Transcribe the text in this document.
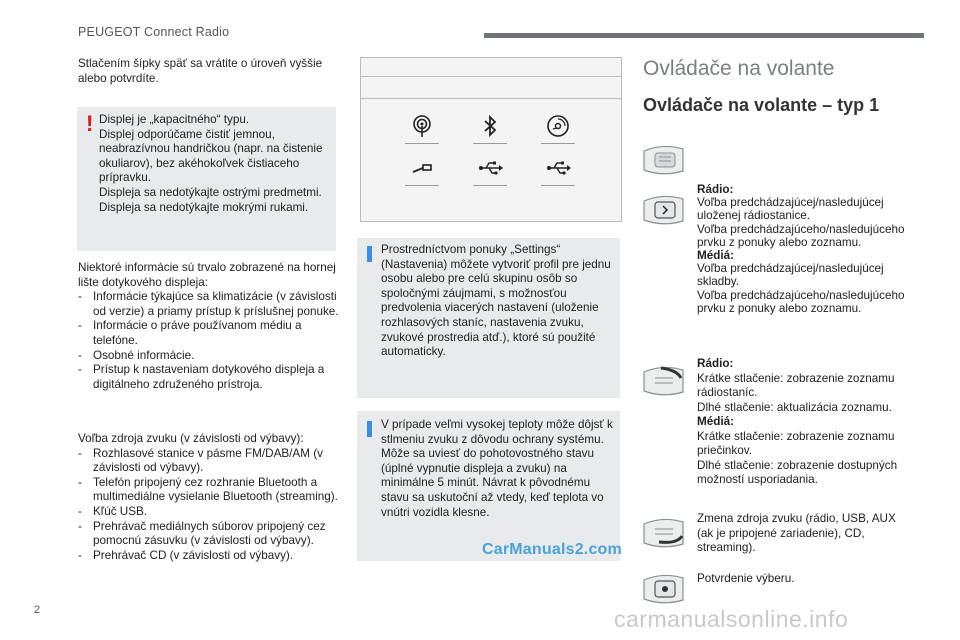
PEUGEOT Connect Radio

Stlačením šípky späť sa vrátite o úroveň vyššie alebo potvrdíte.

! Displej je „kapacitného“ typu.
Displej odporúčame čistiť jemnou, neabrazívnou handričkou (napr. na čistenie okuliarov), bez akéhokoľvek čistiaceho prípravku.
Displeja sa nedotýkajte ostrými predmetmi.
Displeja sa nedotýkajte mokrými rukami.

Niektoré informácie sú trvalo zobrazené na hornej lište dotykového displeja:

- Informácie týkajúce sa klimatizácie (v závislosti od verzie) a priamy prístup k príslušnej ponuke.
- Informácie o práve používanom médiu a telefóne.
- Osobné informácie.
- Prístup k nastaveniam dotykového displeja a digitálneho združeného prístroja.

Voľba zdroja zvuku (v závislosti od výbavy):

- Rozhlasové stanice v pásme FM/DAB/AM (v závislosti od výbavy).
- Telefón pripojený cez rozhranie Bluetooth a multimediálne vysielanie Bluetooth (streaming).
- Kľúč USB.
- Prehrávač mediálnych súborov pripojený cez pomocnú zásuvku (v závislosti od výbavy).
- Prehrávač CD (v závislosti od výbavy).
Prostredníctvom ponuky „Settings“ (Nastavenia) môžete vytvoriť profil pre jednu osobu alebo pre celú skupinu osôb so spoločnými záujmami, s možnosťou predvolenia viacerých nastavení (uloženie rozhlasových staníc, nastavenia zvuku, zvukové prostredia atď.), ktoré sú použité automaticky.
V prípade veľmi vysokej teploty môže dôjsť k stlmeniu zvuku z dôvodu ochrany systému. Môže sa uviesť do pohotovostného stavu (úplné vypnutie displeja a zvuku) na minimálne 5 minút. Návrat k pôvodnému stavu sa uskutoční až vtedy, keď teplota vo vnútri vozidla klesne.
CarManuals2.com
Ovládače na volante
Ovládače na volante – typ 1

Rádio:

Voľba predchádzajúcej/nasledujúcej uloženej rádiostanice.
Voľba predchádzajúceho/nasledujúceho prvku z ponuky alebo zoznamu.

Médiá:

Voľba predchádzajúcej/nasledujúcej skladby.
Voľba predchádzajúceho/nasledujúceho prvku z ponuky alebo zoznamu.

Rádio:

Krátke stlačenie: zobrazenie zoznamu rádiostaníc.
Dlhé stlačenie: aktualizácia zoznamu.

Médiá:

Krátke stlačenie: zobrazenie zoznamu priečinkov.
Dlhé stlačenie: zobrazenie dostupných možností usporiadania.

Zmena zdroja zvuku (rádio, USB, AUX (ak je pripojené zariadenie), CD, streaming).
Potvrdenie výberu.
2	carmanualsonline.info
